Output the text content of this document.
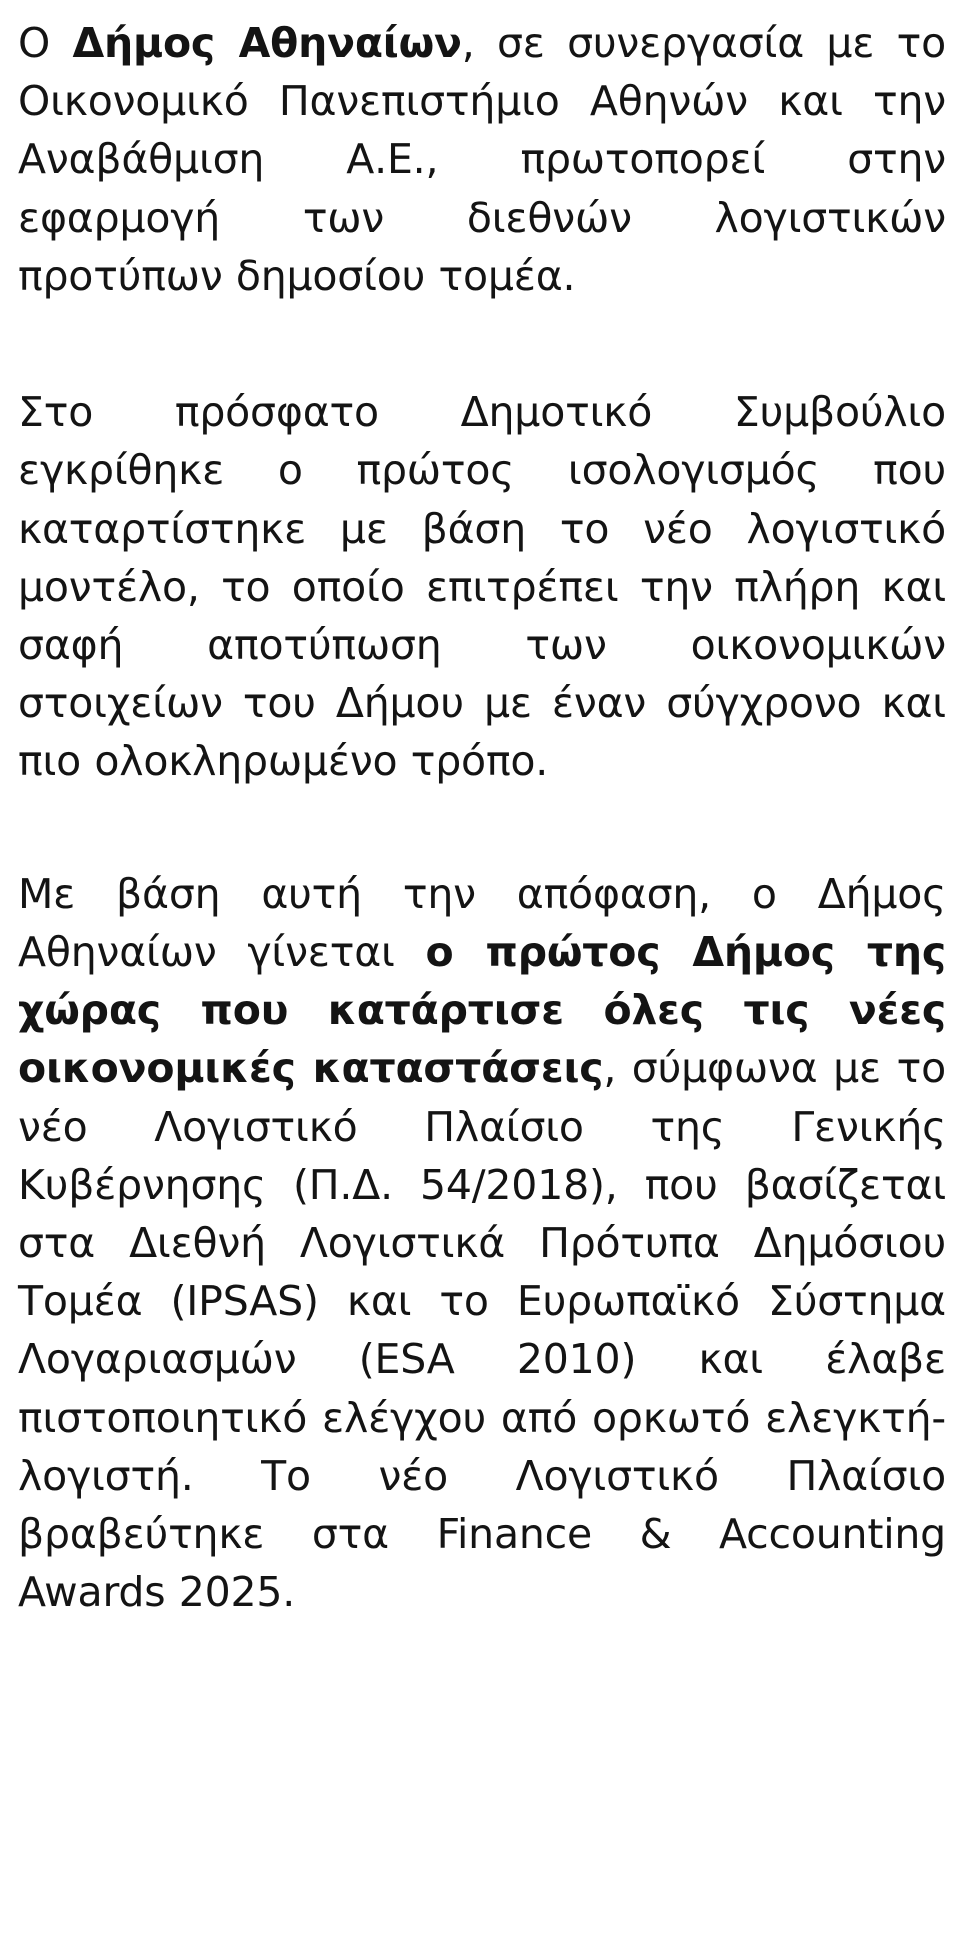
Ο Δήμος Αθηναίων, σε συνεργασία με το Οικονομικό Πανεπιστήμιο Αθηνών και την Αναβάθμιση Α.Ε., πρωτοπορεί στην εφαρμογή των διεθνών λογιστικών προτύπων δημοσίου τομέα.

Στο πρόσφατο Δημοτικό Συμβούλιο εγκρίθηκε ο πρώτος ισολογισμός που καταρτίστηκε με βάση το νέο λογιστικό μοντέλο, το οποίο επιτρέπει την πλήρη και σαφή αποτύπωση των οικονομικών στοιχείων του Δήμου με έναν σύγχρονο και πιο ολοκληρωμένο τρόπο.

Με βάση αυτή την απόφαση, ο Δήμος Αθηναίων γίνεται ο πρώτος Δήμος της χώρας που κατάρτισε όλες τις νέες οικονομικές καταστάσεις, σύμφωνα με το νέο Λογιστικό Πλαίσιο της Γενικής Κυβέρνησης (Π.Δ. 54/2018), που βασίζεται στα Διεθνή Λογιστικά Πρότυπα Δημόσιου Τομέα (IPSAS) και το Ευρωπαϊκό Σύστημα Λογαριασμών (ESA 2010) και έλαβε πιστοποιητικό ελέγχου από ορκωτό ελεγκτή-λογιστή. Το νέο Λογιστικό Πλαίσιο βραβεύτηκε στα Finance & Accounting Awards 2025.
